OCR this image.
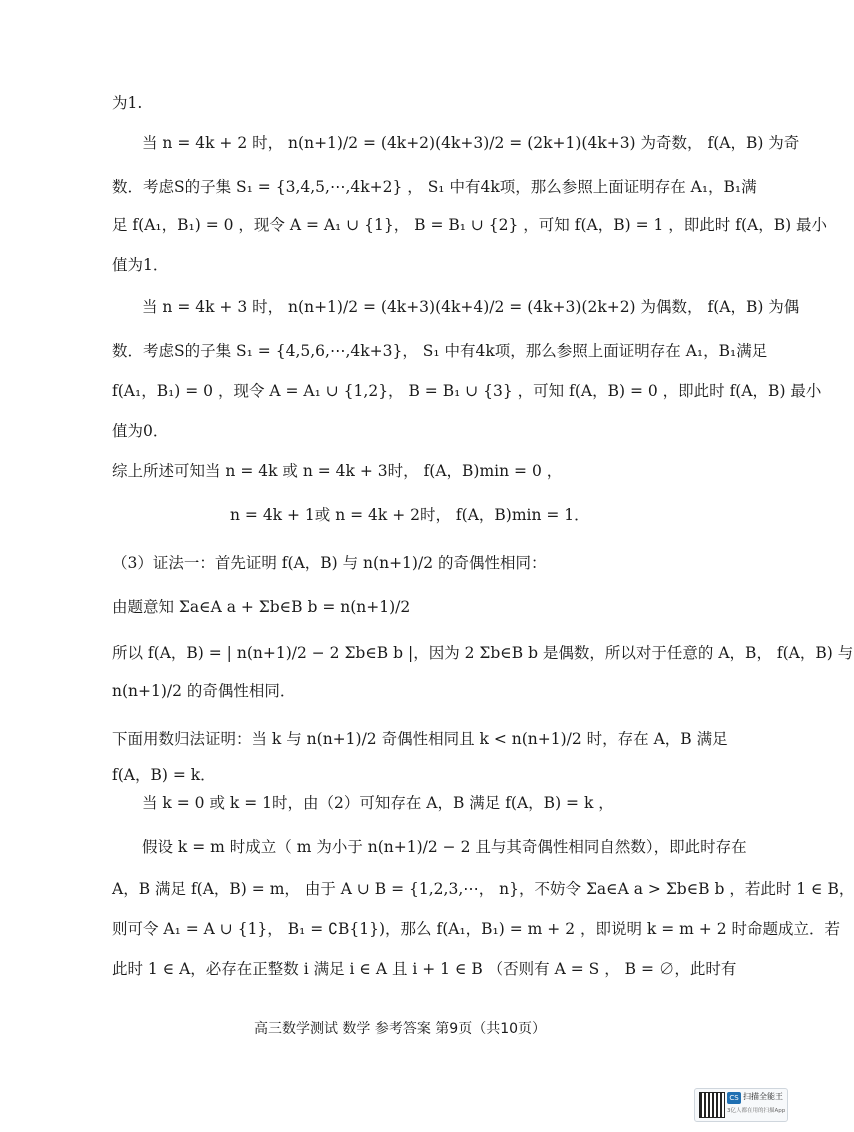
为1.
当 n = 4k + 2 时， n(n+1)/2 = (4k+2)(4k+3)/2 = (2k+1)(4k+3) 为奇数， f(A，B) 为奇
数．考虑S的子集 S₁ = {3,4,5,⋯,4k+2} ， S₁ 中有4k项，那么参照上面证明存在 A₁，B₁满
足 f(A₁，B₁) = 0 ，现令 A = A₁ ∪ {1}， B = B₁ ∪ {2} ，可知 f(A，B) = 1 ，即此时 f(A，B) 最小
值为1．
当 n = 4k + 3 时， n(n+1)/2 = (4k+3)(4k+4)/2 = (4k+3)(2k+2) 为偶数， f(A，B) 为偶
数．考虑S的子集 S₁ = {4,5,6,⋯,4k+3}， S₁ 中有4k项，那么参照上面证明存在 A₁，B₁满足
f(A₁，B₁) = 0 ，现令 A = A₁ ∪ {1,2}， B = B₁ ∪ {3} ，可知 f(A，B) = 0 ，即此时 f(A，B) 最小
值为0．
综上所述可知当 n = 4k 或 n = 4k + 3时， f(A，B)min = 0 ，
n = 4k + 1或 n = 4k + 2时， f(A，B)min = 1．
（3）证法一：首先证明 f(A，B) 与 n(n+1)/2 的奇偶性相同：
由题意知 Σa∈A a + Σb∈B b = n(n+1)/2
所以 f(A，B) = | n(n+1)/2 − 2 Σb∈B b |，因为 2 Σb∈B b 是偶数，所以对于任意的 A，B， f(A，B) 与
n(n+1)/2 的奇偶性相同．
下面用数归法证明：当 k 与 n(n+1)/2 奇偶性相同且 k < n(n+1)/2 时，存在 A，B 满足
f(A，B) = k．
当 k = 0 或 k = 1时，由（2）可知存在 A，B 满足 f(A，B) = k ，
假设 k = m 时成立（ m 为小于 n(n+1)/2 − 2 且与其奇偶性相同自然数），即此时存在
A，B 满足 f(A，B) = m， 由于 A ∪ B = {1,2,3,⋯， n}，不妨令 Σa∈A a > Σb∈B b ，若此时 1 ∈ B，
则可令 A₁ = A ∪ {1}， B₁ = ∁B{1})，那么 f(A₁，B₁) = m + 2 ，即说明 k = m + 2 时命题成立．若
此时 1 ∈ A，必存在正整数 i 满足 i ∈ A 且 i + 1 ∈ B （否则有 A = S ， B = ∅，此时有
高三数学测试 数学 参考答案 第9页（共10页）
CS 扫描全能王
3亿人都在用的扫描App
